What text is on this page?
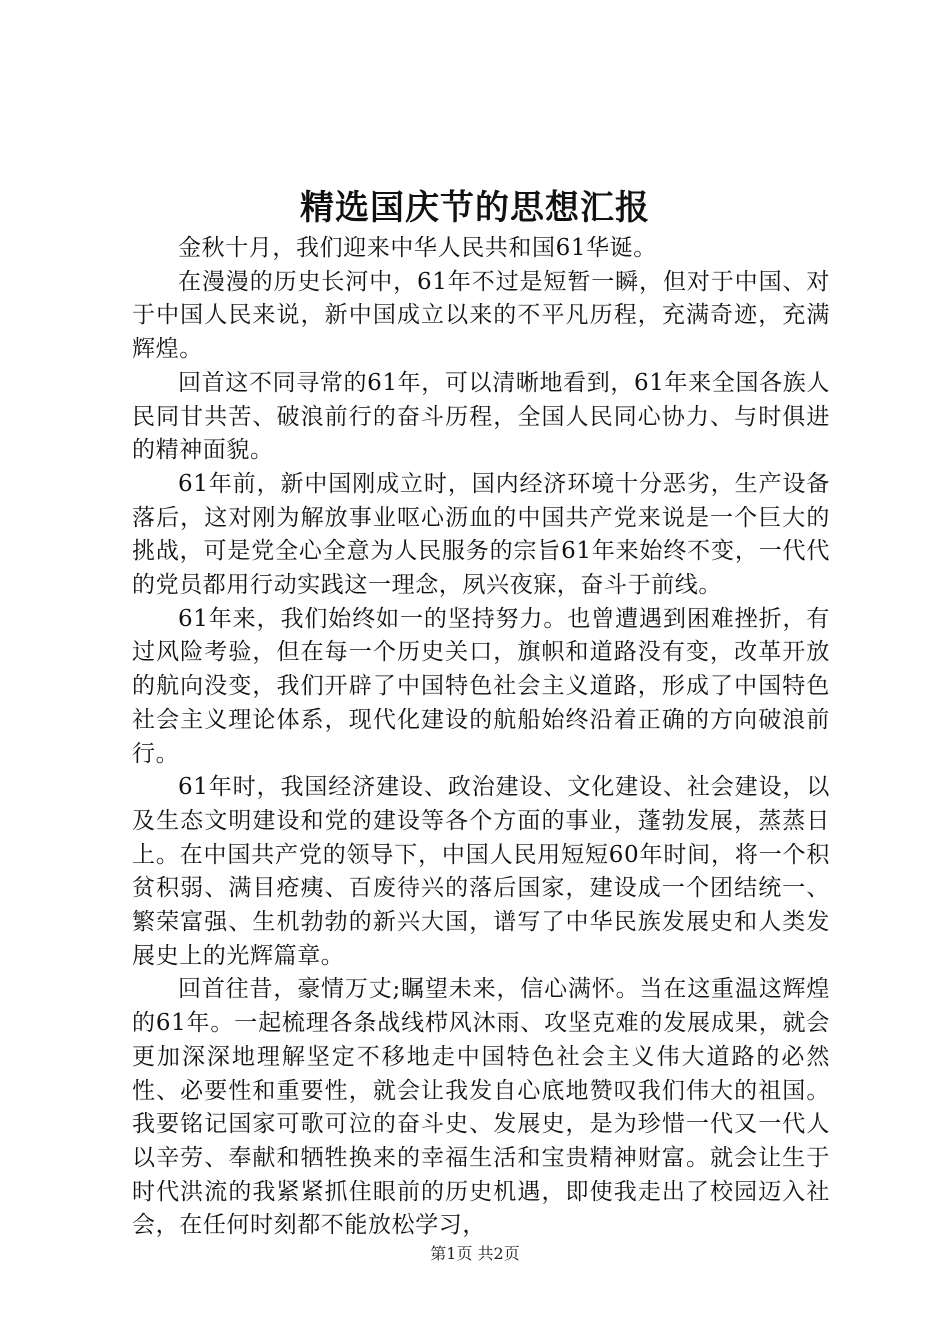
精选国庆节的思想汇报

金秋十月，我们迎来中华人民共和国61华诞。

在漫漫的历史长河中，61年不过是短暂一瞬，但对于中国、对于中国人民来说，新中国成立以来的不平凡历程，充满奇迹，充满辉煌。

回首这不同寻常的61年，可以清晰地看到，61年来全国各族人民同甘共苦、破浪前行的奋斗历程，全国人民同心协力、与时俱进的精神面貌。

61年前，新中国刚成立时，国内经济环境十分恶劣，生产设备落后，这对刚为解放事业呕心沥血的中国共产党来说是一个巨大的挑战，可是党全心全意为人民服务的宗旨61年来始终不变，一代代的党员都用行动实践这一理念，夙兴夜寐，奋斗于前线。

61年来，我们始终如一的坚持努力。也曾遭遇到困难挫折，有过风险考验，但在每一个历史关口，旗帜和道路没有变，改革开放的航向没变，我们开辟了中国特色社会主义道路，形成了中国特色社会主义理论体系，现代化建设的航船始终沿着正确的方向破浪前行。

61年时，我国经济建设、政治建设、文化建设、社会建设，以及生态文明建设和党的建设等各个方面的事业，蓬勃发展，蒸蒸日上。在中国共产党的领导下，中国人民用短短60年时间，将一个积贫积弱、满目疮痍、百废待兴的落后国家，建设成一个团结统一、繁荣富强、生机勃勃的新兴大国，谱写了中华民族发展史和人类发展史上的光辉篇章。

回首往昔，豪情万丈;瞩望未来，信心满怀。当在这重温这辉煌的61年。一起梳理各条战线栉风沐雨、攻坚克难的发展成果，就会更加深深地理解坚定不移地走中国特色社会主义伟大道路的必然性、必要性和重要性，就会让我发自心底地赞叹我们伟大的祖国。我要铭记国家可歌可泣的奋斗史、发展史，是为珍惜一代又一代人以辛劳、奉献和牺牲换来的幸福生活和宝贵精神财富。就会让生于时代洪流的我紧紧抓住眼前的历史机遇，即使我走出了校园迈入社会，在任何时刻都不能放松学习，

第1页 共2页
